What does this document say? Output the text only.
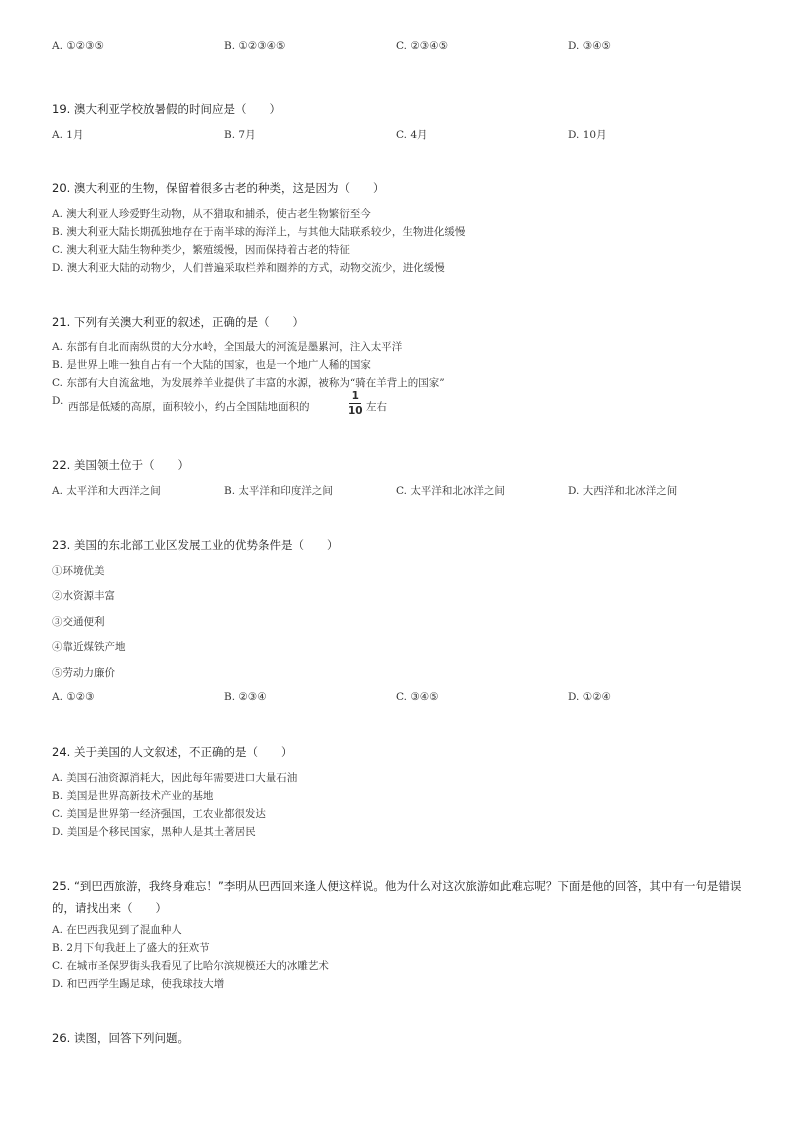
A. ①②③⑤	B. ①②③④⑤	C. ②③④⑤	D. ③④⑤
19. 澳大利亚学校放暑假的时间应是（　　）
A. 1月	B. 7月	C. 4月	D. 10月
20. 澳大利亚的生物，保留着很多古老的种类，这是因为（　　）
A. 澳大利亚人珍爱野生动物，从不猎取和捕杀，使古老生物繁衍至今
B. 澳大利亚大陆长期孤独地存在于南半球的海洋上，与其他大陆联系较少，生物进化缓慢
C. 澳大利亚大陆生物种类少，繁殖缓慢，因而保持着古老的特征
D. 澳大利亚大陆的动物少，人们普遍采取栏养和圈养的方式，动物交流少，进化缓慢
21. 下列有关澳大利亚的叙述，正确的是（　　）
A. 东部有自北而南纵贯的大分水岭，全国最大的河流是墨累河，注入太平洋
B. 是世界上唯一独自占有一个大陆的国家，也是一个地广人稀的国家
C. 东部有大自流盆地，为发展养羊业提供了丰富的水源，被称为“骑在羊背上的国家”
D. 西部是低矮的高原，面积较小，约占全国陆地面积的
1
10 左右
22. 美国领土位于（　　）
A. 太平洋和大西洋之间	B. 太平洋和印度洋之间	C. 太平洋和北冰洋之间	D. 大西洋和北冰洋之间
23. 美国的东北部工业区发展工业的优势条件是（　　）
①环境优美
②水资源丰富
③交通便利
④靠近煤铁产地
⑤劳动力廉价
A. ①②③	B. ②③④	C. ③④⑤	D. ①②④
24. 关于美国的人文叙述，不正确的是（　　）
A. 美国石油资源消耗大，因此每年需要进口大量石油
B. 美国是世界高新技术产业的基地
C. 美国是世界第一经济强国，工农业都很发达
D. 美国是个移民国家，黑种人是其土著居民
25. “到巴西旅游，我终身难忘！”李明从巴西回来逢人便这样说。他为什么对这次旅游如此难忘呢？下面是他的回答，其中有一句是错误的，请找出来（　　）
A. 在巴西我见到了混血种人
B. 2月下旬我赶上了盛大的狂欢节
C. 在城市圣保罗街头我看见了比哈尔滨规模还大的冰雕艺术
D. 和巴西学生踢足球，使我球技大增
26. 读图，回答下列问题。
